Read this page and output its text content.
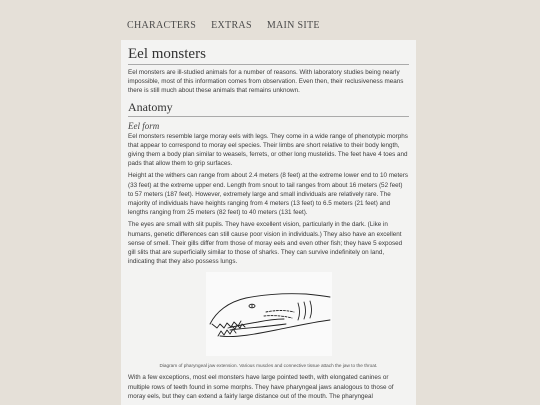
CHARACTERS EXTRAS MAIN SITE
Eel monsters

Eel monsters are ill-studied animals for a number of reasons. With laboratory studies being nearly impossible, most of this information comes from observation. Even then, their reclusiveness means there is still much about these animals that remains unknown.

Anatomy
Eel form

Eel monsters resemble large moray eels with legs. They come in a wide range of phenotypic morphs that appear to correspond to moray eel species. Their limbs are short relative to their body length, giving them a body plan similar to weasels, ferrets, or other long mustelids. The feet have 4 toes and pads that allow them to grip surfaces.

Height at the withers can range from about 2.4 meters (8 feet) at the extreme lower end to 10 meters (33 feet) at the extreme upper end. Length from snout to tail ranges from about 16 meters (52 feet) to 57 meters (187 feet). However, extremely large and small individuals are relatively rare. The majority of individuals have heights ranging from 4 meters (13 feet) to 6.5 meters (21 feet) and lengths ranging from 25 meters (82 feet) to 40 meters (131 feet).

The eyes are small with slit pupils. They have excellent vision, particularly in the dark. (Like in humans, genetic differences can still cause poor vision in individuals.) They also have an excellent sense of smell. Their gills differ from those of moray eels and even other fish; they have 5 exposed gill slits that are superficially similar to those of sharks. They can survive indefinitely on land, indicating that they also possess lungs.

Diagram of pharyngeal jaw extension. Various muscles and connective tissue attach the jaw to the throat.

With a few exceptions, most eel monsters have large pointed teeth, with elongated canines or multiple rows of teeth found in some morphs. They have pharyngeal jaws analogous to those of moray eels, but they can extend a fairly large distance out of the mouth. The pharyngeal
